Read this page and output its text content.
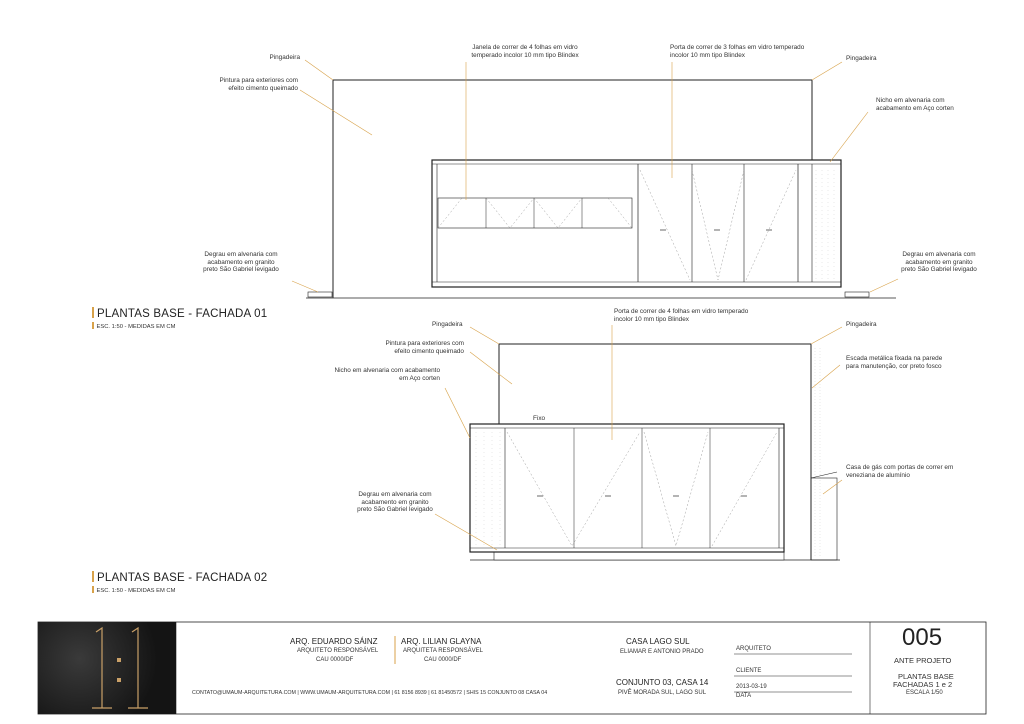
Pingadeira
Pintura para exteriores com
efeito cimento queimado
Janela de correr de 4 folhas em vidro
temperado incolor 10 mm tipo Blindex
Porta de correr de 3 folhas em vidro temperado
incolor 10 mm tipo Blindex	Pingadeira
Nicho em alvenaria com
acabamento em Aço corten
Degrau em alvenaria com
acabamento em granito
preto São Gabriel levigado
Degrau em alvenaria com
acabamento em granito
preto São Gabriel levigado
PLANTAS BASE - FACHADA 01
ESC. 1:50 - MEDIDAS EM CM	Pingadeira
Pintura para exteriores com
efeito cimento queimado
Nicho em alvenaria com acabamento
em Aço corten
Porta de correr de 4 folhas em vidro temperado
incolor 10 mm tipo Blindex
Fixo
Pingadeira
Escada metálica fixada na parede
para manutenção, cor preto fosco
Casa de gás com portas de correr em
veneziana de alumínio
Degrau em alvenaria com
acabamento em granito
preto São Gabriel levigado
PLANTAS BASE - FACHADA 02
ESC. 1:50 - MEDIDAS EM CM
ARQ. EDUARDO SÁINZ
ARQUITETO RESPONSÁVEL
CAU 0000/DF
ARQ. LILIAN GLAYNA
ARQUITETA RESPONSÁVEL
CAU 0000/DF
CONTATO@UMAUM-ARQUITETURA.COM | WWW.UMAUM-ARQUITETURA.COM | 61 8156 8939 | 61 81450572 | SHIS 15 CONJUNTO 08 CASA 04
CASA LAGO SUL
ELIAMAR E ANTONIO PRADO
CONJUNTO 03, CASA 14
PIVÊ MORADA SUL, LAGO SUL
ARQUITETO
CLIENTE
2013-03-19
DATA
005
ANTE PROJETO
PLANTAS BASE
FACHADAS 1 e 2
ESCALA 1/50
